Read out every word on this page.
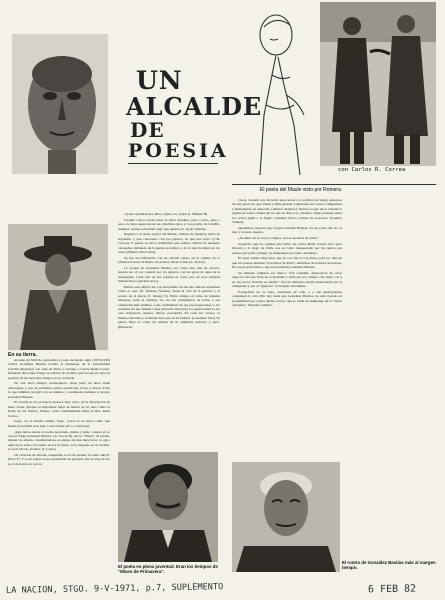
UN
ALCALDE
DE
POESIA
con Carlos R. Correa
El poeta del Maule visto por Romera.
En su tierra.

Alcalde de Nirivilo, periodista y poeta de medio siglo (1879-1950) Carlos González Bastías recibió el homenaje de la Universidad Católica Regional con sede en Talca y encargo a Carlos René Correa, fundador del Grupo Fuego la edición de un libro que recoge su vida los poemas de sus desvelos amigos en su recuerdo.

No son unos amigos cualesquiera. Gran parte de ellos están antologado y son de verdadera gloria reputación, honra y honor. Todo lo que también recogió con su número y condenado humano el propio González Bastías.

El alcalde de su provincia aparece muy claro, en la descripción de mero poeta. Porque es imposible dejar de hablar de él, sino como el Poeta de las Tierras, Pobres, como atinadamente titula el libro René Correa.

Jorge, en el terruño ameno fluye. ¿Cuál es su tierra como una fuente escondida esos puro y eres bueno (Fco. Contreras).

¿Qué dulce estaba la noche apacando, menta y pilar, cuando yo te conocí Jorge González Bastías. (A. Torres R), de los "Mioes" de estado, siguen las afueras, trasmutándose en signos de mas muy feroz. la ajé a aquí me la echa y le cuanto en los frovines, lo la tanguisa en el sordido, si en lo fdvolo, hondor. (J. Legro)

Un ceracion de alboute campesino rocío de piedad, la canto aún (F. Mora F.) Y lo de lomas veces guardando un gaznado que no hay de ser si el cielo invoca con su

cayado ayudándole a Dios a guiar los ovejas (J. Hubner B)

Cuando cala la tarde sobre la tierra maulina, paso a paso, paso a paso, de lejos aparecías en un caballito rojizo y con poncho de Castilla. Siempre venías sollozando algo que quieres se oía (P. Sienna).

Regreso a tu suelo, pastor del Maule, advieno de mesnias, sabio de leyendas, y que cancioneo con los pájaros, sé que nos uves. (C.R. Correa). Y quería en mi la semblanza que somera vientos de ausentes calonadas, hablando de la piedra tactomina y de la azul hortaliza de los astros (Blanca Silva Ossa).

Se fue del infiernillo con un caballo verde, en el caballo de la primavera hacia el Banco de Arenas, hacia el mar (A. Torres)

La poesía de González Bastías era como esta una de Ocorio, dorada por el sol, cantada por los pájaros, con las gotas de agua de la madrugada. Cada uno de sus poemas es como uno de esos racimos melancólicos (Andrés Arce).

Habría sido difícil dar con un hombre de tan alto señorío espiritual como el suyo (E. Prendes Saldías). Tenía él don de la palabra y el acento de la gracia (J. Ortega V). Entre amigos en salas de tapiales literarias, pues el siempre vio en sus compañeros de letras a sus camaradas más íntimos, a sus confidentes de sus preocupaciones, a los soldados de una misma causa (Ricardo Dávasol). La generosidad le era casi obligatoria ternura, divers, prevenido. En cada sus versos, la misma suavidad y la misma fina que en su indolor. (González Vera) Su palara línea es como un rebalse de su ambiente solitario y puro. (Bernardo

Cruz). Cuando uno ha leído unos horas a la sombra del hogar generoso de este poeta de ojos tristes y alma grande comprende sus versos campesinos y humanidad, de emoción. (Alberto Romero) Vientos la paz de la estrella la página de sabor ciudad del no que se deja y no obstante, sigue presente entre los cerros igual a la fugaz constante fresco tristeza de nosotros. (Lautaro Yankas)

Quedamos ansiosos que Jorge González Bastías, era un poeta del río, el mar y la tierra nuestra.

¿Se habla de el en los colegios, en las escuelas de Chile?

Sospecho que no. Quizás este Libro de Carlos René Correa sirva para llevarlo a lo largo de Chile con su canto desesperado por las tierras son pobres que pudo castigar, en defenderse por tanto abandono.

El autor señala muy bien, que su voz fue la voz nueva para los días en que los poetas andaban "borrachos de París", enfermos de lecturas de europa. Era un proyase nuevo, que se necesitaba González Bastías.

Su llamado tambien era nuevo: "Un consumo desprovisto de otros aspectos del que flora en la montaña y anda por los campos. No tiene voz y se oye en los brotales su alarido". Era un denuncia recién apareciendo por el campesino y por el "guanaco" el boquero del Maule.

Fotografías de su vida, canciones de vida, y a sus mencionados completan la obra (No hay duda que González Bastías, ha sido tratado en profundidad por Carlos René Correa, que le rinde un homenaje de la "tierra chaqueta", llenando primero.

El poeta en plena juventud. Eran los tiempos de "Miseo de Primavera".
El rostro de González Bastías más al margen tiempo.
LA NACION, STGO. 9-V-1971, p.7, SUPLEMENTO	6 FEB 82
